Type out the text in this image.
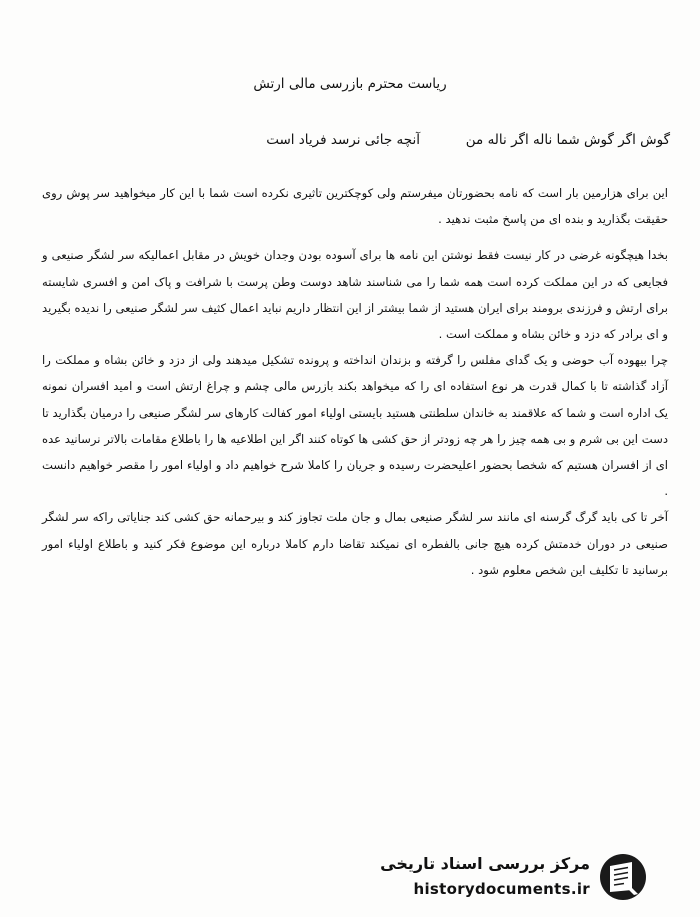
ریاست محترم بازرسی مالی ارتش
گوش اگر گوش شما ناله اگر ناله من
آنچه جائی نرسد فریاد است

این برای هزارمین بار است که نامه بحضورتان میفرستم ولی کوچکترین تاثیری نکرده است شما با این کار میخواهید سر پوش روی حقیقت بگذارید و بنده ای من پاسخ مثبت ندهید .

بخدا هیچگونه غرضی در کار نیست فقط نوشتن این نامه ها برای آسوده بودن وجدان خویش در مقابل اعمالیکه سر لشگر صنیعی و فجایعی که در این مملکت کرده است همه شما را می شناسند شاهد دوست وطن پرست با شرافت و پاک امن و افسری شایسته برای ارتش و فرزندی برومند برای ایران هستید از شما بیشتر از این انتظار داریم نباید اعمال کثیف سر لشگر صنیعی را ندیده بگیرید و ای برادر که دزد و خائن بشاه و مملکت است .

چرا بیهوده آب حوضی و یک گدای مفلس را گرفته و بزندان انداخته و پرونده تشکیل میدهند ولی از دزد و خائن بشاه و مملکت را آزاد گذاشته تا با کمال قدرت هر نوع استفاده ای را که میخواهد بکند بازرس مالی چشم و چراغ ارتش است و امید افسران نمونه یک اداره است و شما که علاقمند به خاندان سلطنتی هستید بایستی اولیاء امور کفالت کارهای سر لشگر صنیعی را درمیان بگذارید تا دست این بی شرم و بی همه چیز را هر چه زودتر از حق کشی ها کوتاه کنند اگر این اطلاعیه ها را باطلاع مقامات بالاتر نرسانید عده ای از افسران هستیم که شخصا بحضور اعلیحضرت رسیده و جریان را کاملا شرح خواهیم داد و اولیاء امور را مقصر خواهیم دانست .

آخر تا کی باید گرگ گرسنه ای مانند سر لشگر صنیعی بمال و جان ملت تجاوز کند و بیرحمانه حق کشی کند جنایاتی راکه سر لشگر صنیعی در دوران خدمتش کرده هیچ جانی بالفطره ای نمیکند تقاضا دارم کاملا درباره این موضوع فکر کنید و باطلاع اولیاء امور برسانید تا تکلیف این شخص معلوم شود .

مرکز بررسی اسناد تاریخی
historydocuments.ir
